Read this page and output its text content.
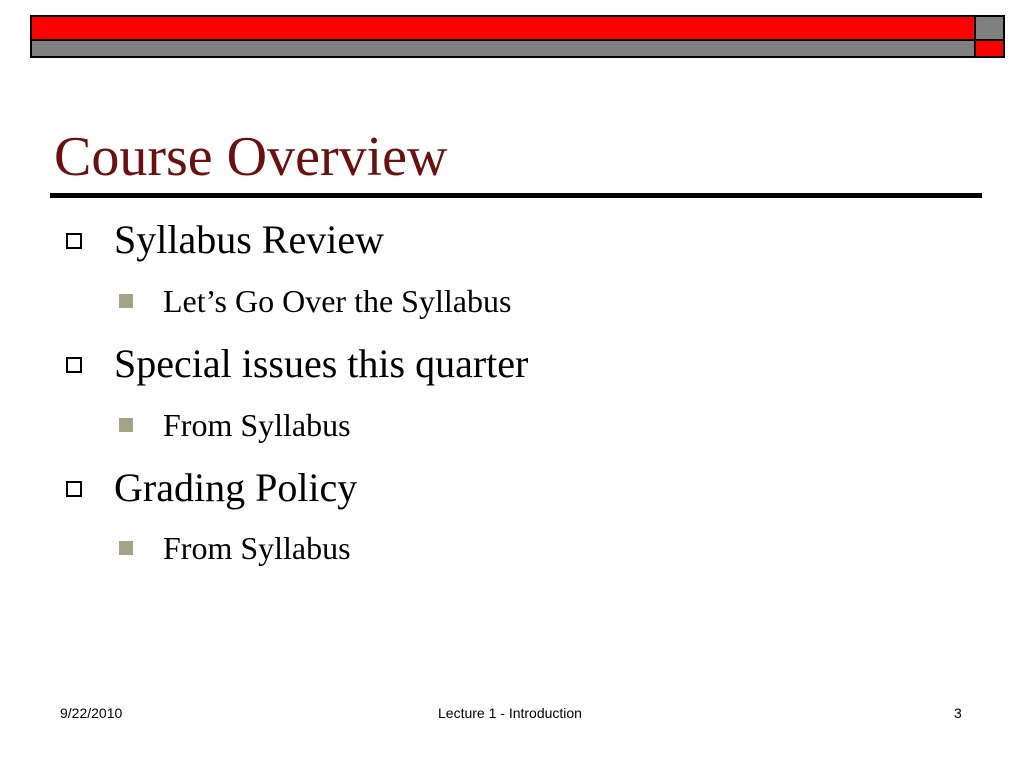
Course Overview
Syllabus Review
Let’s Go Over the Syllabus
Special issues this quarter
From Syllabus
Grading Policy
From Syllabus
9/22/2010	Lecture 1 - Introduction	3
